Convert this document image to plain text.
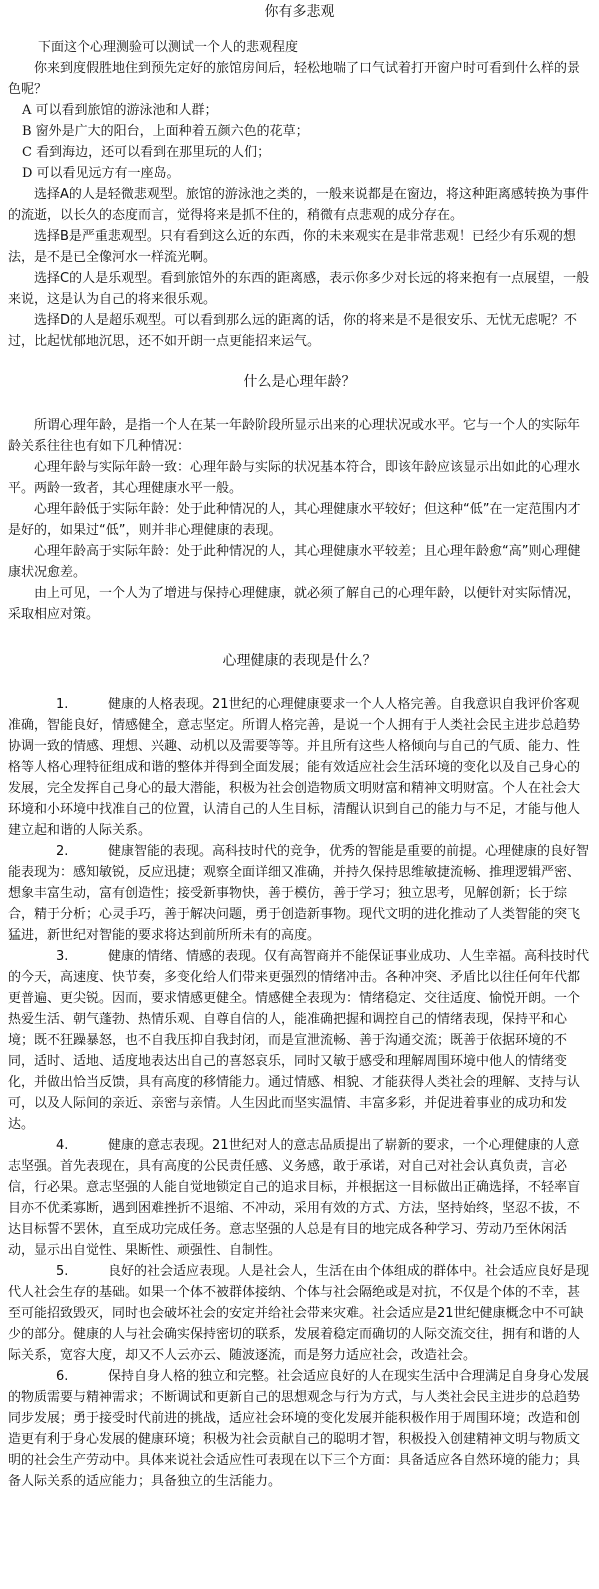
你有多悲观

下面这个心理测验可以测试一个人的悲观程度

你来到度假胜地住到预先定好的旅馆房间后，轻松地喘了口气试着打开窗户时可看到什么样的景色呢？

A 可以看到旅馆的游泳池和人群；

B 窗外是广大的阳台，上面种着五颜六色的花草；

C 看到海边，还可以看到在那里玩的人们；

D 可以看见远方有一座岛。

选择A的人是轻微悲观型。旅馆的游泳池之类的，一般来说都是在窗边，将这种距离感转换为事件的流逝，以长久的态度而言，觉得将来是抓不住的，稍微有点悲观的成分存在。

选择B是严重悲观型。只有看到这么近的东西，你的未来观实在是非常悲观！已经少有乐观的想法，是不是已全像河水一样流光啊。

选择C的人是乐观型。看到旅馆外的东西的距离感，表示你多少对长远的将来抱有一点展望，一般来说，这是认为自己的将来很乐观。

选择D的人是超乐观型。可以看到那么远的距离的话，你的将来是不是很安乐、无忧无虑呢？不过，比起忧郁地沉思，还不如开朗一点更能招来运气。

什么是心理年龄？

所谓心理年龄，是指一个人在某一年龄阶段所显示出来的心理状况或水平。它与一个人的实际年龄关系往往也有如下几种情况：

心理年龄与实际年龄一致：心理年龄与实际的状况基本符合，即该年龄应该显示出如此的心理水平。两龄一致者，其心理健康水平一般。

心理年龄低于实际年龄：处于此种情况的人，其心理健康水平较好；但这种“低”在一定范围内才是好的，如果过“低”，则并非心理健康的表现。

心理年龄高于实际年龄：处于此种情况的人，其心理健康水平较差；且心理年龄愈“高”则心理健康状况愈差。

由上可见，一个人为了增进与保持心理健康，就必须了解自己的心理年龄，以便针对实际情况，采取相应对策。

心理健康的表现是什么？

1.	健康的人格表现。21世纪的心理健康要求一个人人格完善。自我意识自我评价客观准确，智能良好，情感健全，意志坚定。所谓人格完善，是说一个人拥有于人类社会民主进步总趋势协调一致的情感、理想、兴趣、动机以及需要等等。并且所有这些人格倾向与自己的气质、能力、性格等人格心理特征组成和谐的整体并得到全面发展；能有效适应社会生活环境的变化以及自己身心的发展，完全发挥自己身心的最大潜能，积极为社会创造物质文明财富和精神文明财富。个人在社会大环境和小环境中找准自己的位置，认清自己的人生目标，清醒认识到自己的能力与不足，才能与他人建立起和谐的人际关系。

2.	健康智能的表现。高科技时代的竞争，优秀的智能是重要的前提。心理健康的良好智能表现为：感知敏锐，反应迅捷；观察全面详细又准确，并持久保持思维敏捷流畅、推理逻辑严密、想象丰富生动，富有创造性；接受新事物快，善于模仿，善于学习；独立思考，见解创新；长于综合，精于分析；心灵手巧，善于解决问题，勇于创造新事物。现代文明的进化推动了人类智能的突飞猛进，新世纪对智能的要求将达到前所所未有的高度。

3.	健康的情绪、情感的表现。仅有高智商并不能保证事业成功、人生幸福。高科技时代的今天，高速度、快节奏，多变化给人们带来更强烈的情绪冲击。各种冲突、矛盾比以往任何年代都更普遍、更尖锐。因而，要求情感更健全。情感健全表现为：情绪稳定、交往适度、愉悦开朗。一个热爱生活、朝气蓬勃、热情乐观、自尊自信的人，能准确把握和调控自己的情绪表现，保持平和心境；既不狂躁暴怒，也不自我压抑自我封闭，而是宣泄流畅、善于沟通交流；既善于依据环境的不同，适时、适地、适度地表达出自己的喜怒哀乐，同时又敏于感受和理解周围环境中他人的情绪变化，并做出恰当反馈，具有高度的移情能力。通过情感、相貌、才能获得人类社会的理解、支持与认可，以及人际间的亲近、亲密与亲情。人生因此而坚实温情、丰富多彩，并促进着事业的成功和发达。

4.	健康的意志表现。21世纪对人的意志品质提出了崭新的要求，一个心理健康的人意志坚强。首先表现在，具有高度的公民责任感、义务感，敢于承诺，对自己对社会认真负责，言必信，行必果。意志坚强的人能自觉地锁定自己的追求目标，并根据这一目标做出正确选择，不轻率盲目亦不优柔寡断，遇到困难挫折不退缩、不冲动，采用有效的方式、方法，坚持始终，坚忍不拔，不达目标誓不罢休，直至成功完成任务。意志坚强的人总是有目的地完成各种学习、劳动乃至休闲活动，显示出自觉性、果断性、顽强性、自制性。

5.	良好的社会适应表现。人是社会人，生活在由个体组成的群体中。社会适应良好是现代人社会生存的基础。如果一个体不被群体接纳、个体与社会隔绝或是对抗，不仅是个体的不幸，甚至可能招致毁灭，同时也会破坏社会的安定并给社会带来灾难。社会适应是21世纪健康概念中不可缺少的部分。健康的人与社会确实保持密切的联系，发展着稳定而确切的人际交流交往，拥有和谐的人际关系，宽容大度，却又不人云亦云、随波逐流，而是努力适应社会，改造社会。

6.	保持自身人格的独立和完整。社会适应良好的人在现实生活中合理满足自身身心发展的物质需要与精神需求；不断调试和更新自己的思想观念与行为方式，与人类社会民主进步的总趋势同步发展；勇于接受时代前进的挑战，适应社会环境的变化发展并能积极作用于周围环境；改造和创造更有利于身心发展的健康环境；积极为社会贡献自己的聪明才智，积极投入创建精神文明与物质文明的社会生产劳动中。具体来说社会适应性可表现在以下三个方面：具备适应各自然环境的能力；具备人际关系的适应能力；具备独立的生活能力。
